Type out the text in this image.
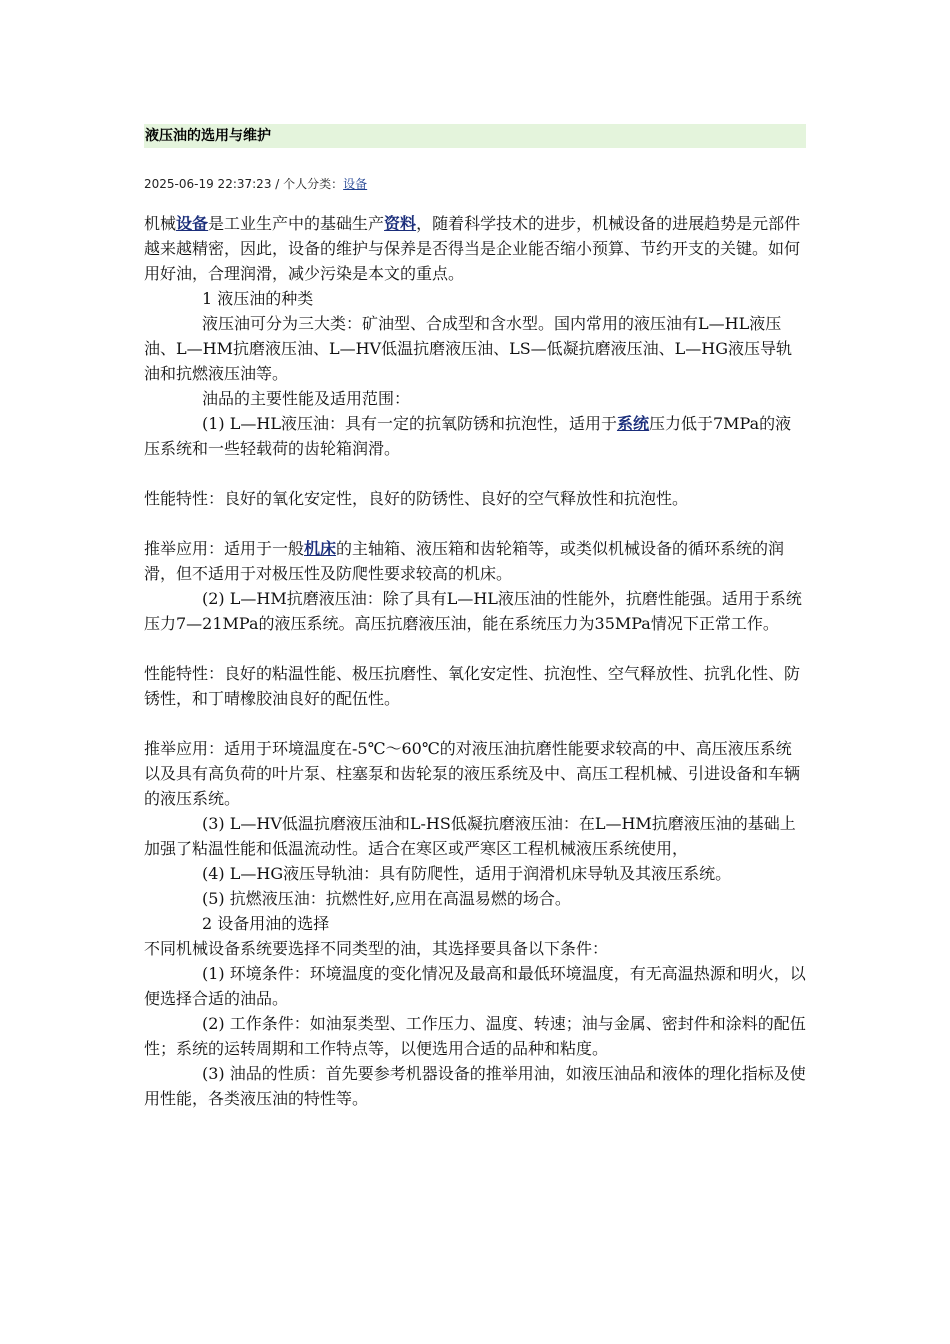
液压油的选用与维护
2025-06-19 22:37:23 / 个人分类：设备

机械设备是工业生产中的基础生产资料，随着科学技术的进步，机械设备的进展趋势是元部件越来越精密，因此，设备的维护与保养是否得当是企业能否缩小预算、节约开支的关键。如何用好油，合理润滑，减少污染是本文的重点。

1 液压油的种类

液压油可分为三大类：矿油型、合成型和含水型。国内常用的液压油有L—HL液压油、L—HM抗磨液压油、L—HV低温抗磨液压油、LS—低凝抗磨液压油、L—HG液压导轨油和抗燃液压油等。

油品的主要性能及适用范围：

(1) L—HL液压油：具有一定的抗氧防锈和抗泡性，适用于系统压力低于7MPa的液压系统和一些轻载荷的齿轮箱润滑。

性能特性：良好的氧化安定性，良好的防锈性、良好的空气释放性和抗泡性。

推举应用：适用于一般机床的主轴箱、液压箱和齿轮箱等，或类似机械设备的循环系统的润滑，但不适用于对极压性及防爬性要求较高的机床。

(2) L—HM抗磨液压油：除了具有L—HL液压油的性能外，抗磨性能强。适用于系统压力7—21MPa的液压系统。高压抗磨液压油，能在系统压力为35MPa情况下正常工作。

性能特性：良好的粘温性能、极压抗磨性、氧化安定性、抗泡性、空气释放性、抗乳化性、防锈性，和丁晴橡胶油良好的配伍性。

推举应用：适用于环境温度在-5℃～60℃的对液压油抗磨性能要求较高的中、高压液压系统以及具有高负荷的叶片泵、柱塞泵和齿轮泵的液压系统及中、高压工程机械、引进设备和车辆的液压系统。

(3) L—HV低温抗磨液压油和L-HS低凝抗磨液压油：在L—HM抗磨液压油的基础上加强了粘温性能和低温流动性。适合在寒区或严寒区工程机械液压系统使用，

(4) L—HG液压导轨油：具有防爬性，适用于润滑机床导轨及其液压系统。

(5) 抗燃液压油：抗燃性好,应用在高温易燃的场合。

2 设备用油的选择

不同机械设备系统要选择不同类型的油，其选择要具备以下条件：

(1) 环境条件：环境温度的变化情况及最高和最低环境温度，有无高温热源和明火，以便选择合适的油品。

(2) 工作条件：如油泵类型、工作压力、温度、转速；油与金属、密封件和涂料的配伍性；系统的运转周期和工作特点等，以便选用合适的品种和粘度。

(3) 油品的性质：首先要参考机器设备的推举用油，如液压油品和液体的理化指标及使用性能，各类液压油的特性等。
